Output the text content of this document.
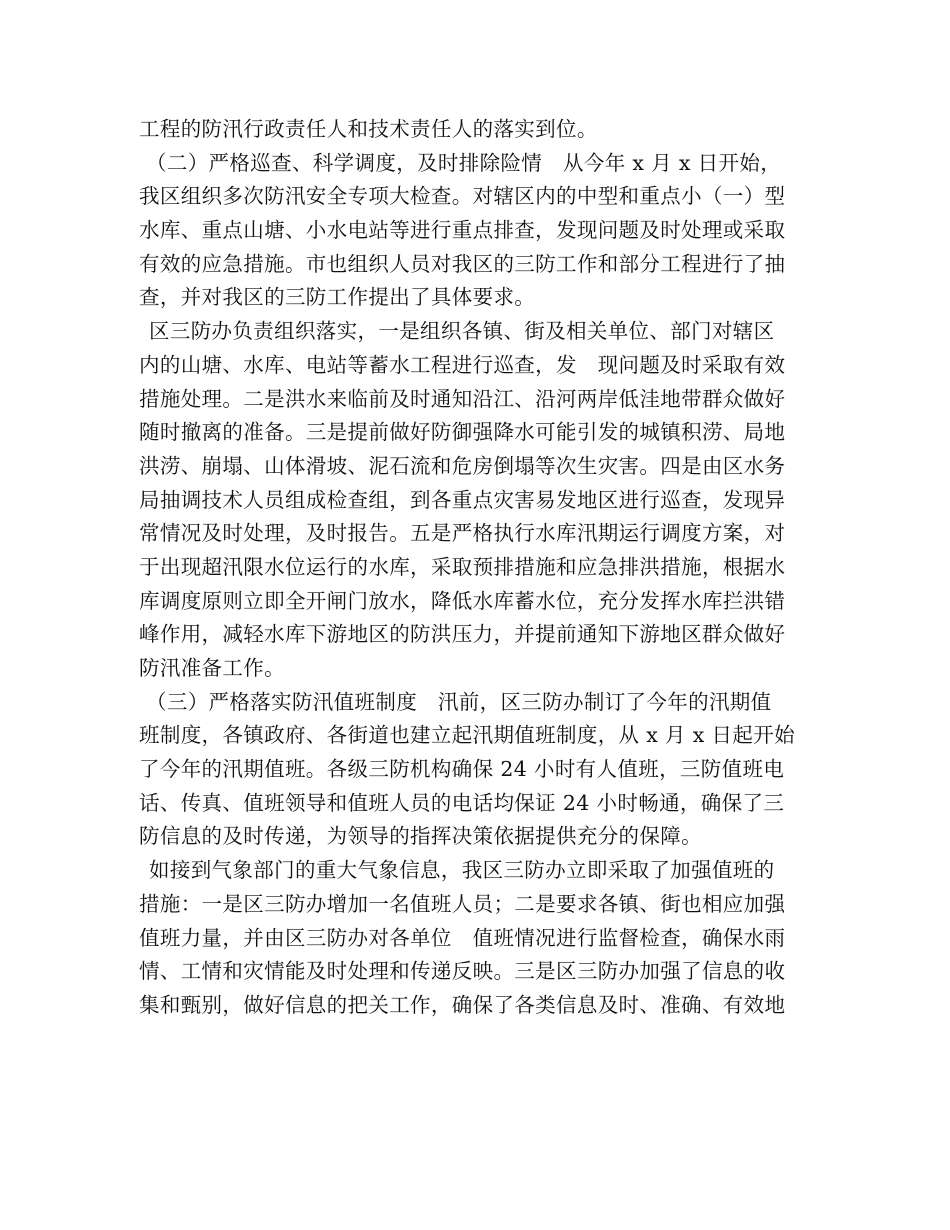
工程的防汛行政责任人和技术责任人的落实到位。
（二）严格巡查、科学调度，及时排除险情　从今年 x 月 x 日开始，
我区组织多次防汛安全专项大检查。对辖区内的中型和重点小（一）型
水库、重点山塘、小水电站等进行重点排查，发现问题及时处理或采取
有效的应急措施。市也组织人员对我区的三防工作和部分工程进行了抽
查，并对我区的三防工作提出了具体要求。
区三防办负责组织落实，一是组织各镇、街及相关单位、部门对辖区
内的山塘、水库、电站等蓄水工程进行巡查，发　现问题及时采取有效
措施处理。二是洪水来临前及时通知沿江、沿河两岸低洼地带群众做好
随时撤离的准备。三是提前做好防御强降水可能引发的城镇积涝、局地
洪涝、崩塌、山体滑坡、泥石流和危房倒塌等次生灾害。四是由区水务
局抽调技术人员组成检查组，到各重点灾害易发地区进行巡查，发现异
常情况及时处理，及时报告。五是严格执行水库汛期运行调度方案，对
于出现超汛限水位运行的水库，采取预排措施和应急排洪措施，根据水
库调度原则立即全开闸门放水，降低水库蓄水位，充分发挥水库拦洪错
峰作用，减轻水库下游地区的防洪压力，并提前通知下游地区群众做好
防汛准备工作。
（三）严格落实防汛值班制度　汛前，区三防办制订了今年的汛期值
班制度，各镇政府、各街道也建立起汛期值班制度，从 x 月 x 日起开始
了今年的汛期值班。各级三防机构确保 24 小时有人值班，三防值班电
话、传真、值班领导和值班人员的电话均保证 24 小时畅通，确保了三
防信息的及时传递，为领导的指挥决策依据提供充分的保障。
如接到气象部门的重大气象信息，我区三防办立即采取了加强值班的
措施：一是区三防办增加一名值班人员；二是要求各镇、街也相应加强
值班力量，并由区三防办对各单位　值班情况进行监督检查，确保水雨
情、工情和灾情能及时处理和传递反映。三是区三防办加强了信息的收
集和甄别，做好信息的把关工作，确保了各类信息及时、准确、有效地
